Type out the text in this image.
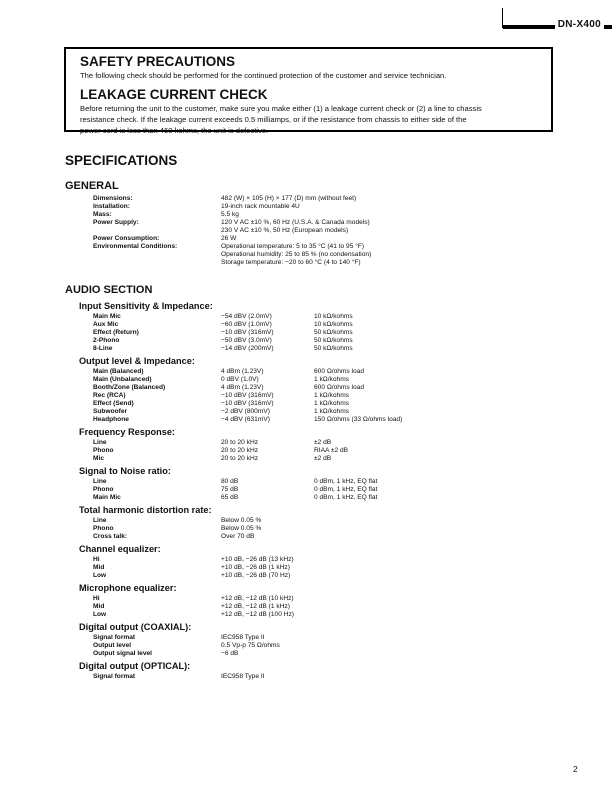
DN-X400
SAFETY PRECAUTIONS
The following check should be performed for the continued protection of the customer and service technician.
LEAKAGE CURRENT CHECK
Before returning the unit to the customer, make sure you make either (1) a leakage current check or (2) a line to chassis
resistance check. If the leakage current exceeds 0.5 milliamps, or if the resistance from chassis to either side of the
power cord is less than 460 kohms, the unit is defective.
SPECIFICATIONS
GENERAL
Dimensions:	482 (W) × 105 (H) × 177 (D) mm (without feet)
Installation:	19-inch rack mountable 4U
Mass:	5.5 kg
Power Supply:	120 V AC ±10 %, 60 Hz (U.S.A. & Canada models)
230 V AC ±10 %, 50 Hz (European models)
Power Consumption:	26 W
Environmental Conditions:	Operational temperature: 5 to 35 °C (41 to 95 °F)
Operational humidity: 25 to 85 % (no condensation)
Storage temperature: −20 to 60 °C (4 to 140 °F)
AUDIO SECTION
Input Sensitivity & Impedance:
Main Mic	−54 dBV (2.0mV)	10 kΩ/kohms
Aux Mic	−60 dBV (1.0mV)	10 kΩ/kohms
Effect (Return)	−10 dBV (316mV)	50 kΩ/kohms
2-Phono	−50 dBV (3.0mV)	50 kΩ/kohms
8-Line	−14 dBV (200mV)	50 kΩ/kohms
Output level & Impedance:
Main (Balanced)	4 dBm (1.23V)	600 Ω/ohms load
Main (Unbalanced)	0 dBV (1.0V)	1 kΩ/kohms
Booth/Zone (Balanced)	4 dBm (1.23V)	600 Ω/ohms load
Rec (RCA)	−10 dBV (316mV)	1 kΩ/kohms
Effect (Send)	−10 dBV (316mV)	1 kΩ/kohms
Subwoofer	−2 dBV (800mV)	1 kΩ/kohms
Headphone	−4 dBV (631mV)	150 Ω/ohms (33 Ω/ohms load)
Frequency Response:
Line	20 to 20 kHz	±2 dB
Phono	20 to 20 kHz	RIAA ±2 dB
Mic	20 to 20 kHz	±2 dB
Signal to Noise ratio:
Line	80 dB	0 dBm, 1 kHz, EQ flat
Phono	75 dB	0 dBm, 1 kHz, EQ flat
Main Mic	65 dB	0 dBm, 1 kHz, EQ flat
Total harmonic distortion rate:
Line	Below 0.05 %
Phono	Below 0.05 %
Cross talk:	Over 70 dB
Channel equalizer:
Hi	+10 dB, −26 dB (13 kHz)
Mid	+10 dB, −26 dB (1 kHz)
Low	+10 dB, −26 dB (70 Hz)
Microphone equalizer:
Hi	+12 dB, −12 dB (10 kHz)
Mid	+12 dB, −12 dB (1 kHz)
Low	+12 dB, −12 dB (100 Hz)
Digital output (COAXIAL):
Signal format	IEC958 Type II
Output level	0.5 Vp-p 75 Ω/ohms
Output signal level	−6 dB
Digital output (OPTICAL):
Signal format	IEC958 Type II
2
